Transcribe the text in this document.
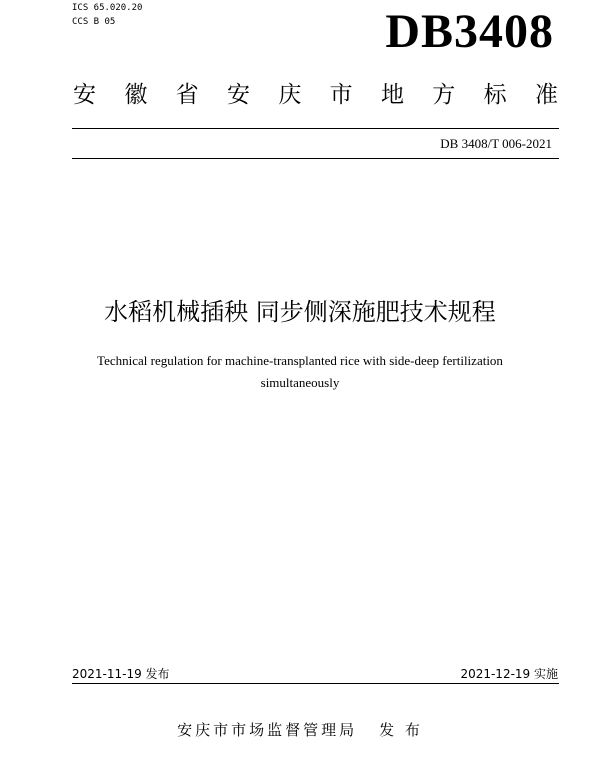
ICS 65.020.20
CCS B 05	DB3408
安 徽 省 安 庆 市 地 方 标 准
DB 3408/T 006-2021
水稻机械插秧 同步侧深施肥技术规程
Technical regulation for machine-transplanted rice with side-deep fertilization
simultaneously
2021-11-19 发布	2021-12-19 实施
安庆市市场监督管理局 发 布
